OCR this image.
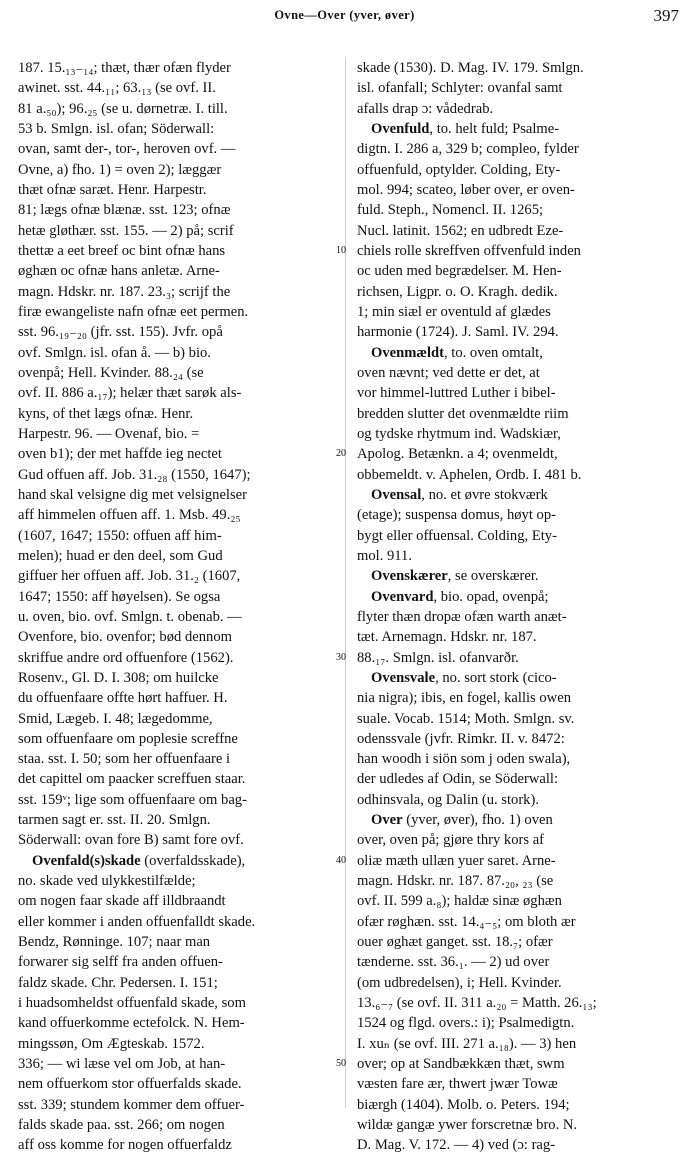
Ovne—Over (yver, øver)	397
187. 15.₁₃₋₁₄; thæt, thær ofæn flyder
awinet. sst. 44.₁₁; 63.₁₃ (se ovf. II.
81 a.₅₀); 96.₂₅ (se u. dørnetræ. I. till.
53 b. Smlgn. isl. ofan; Söderwall:
ovan, samt der-, tor-, heroven ovf. —
Ovne, a) fho. 1) = oven 2); læggær
thæt ofnæ saræt. Henr. Harpestr.
81; lægs ofnæ blænæ. sst. 123; ofnæ
hetæ gløthær. sst. 155. — 2) på; scrif
thettæ a eet breef oc bint ofnæ hans
øghæn oc ofnæ hans anletæ. Arne-
magn. Hdskr. nr. 187. 23.₃; scrijf the
firæ ewangeliste nafn ofnæ eet permen.
sst. 96.₁₉₋₂₀ (jfr. sst. 155). Jvfr. opå
ovf. Smlgn. isl. ofan å. — b) bio.
ovenpå; Hell. Kvinder. 88.₂₄ (se
ovf. II. 886 a.₁₇); helær thæt sarøk als-
kyns, of thet lægs ofnæ. Henr.
Harpestr. 96. — Ovenaf, bio. =
oven b1); der met haffde ieg nectet
Gud offuen aff. Job. 31.₂₈ (1550, 1647);
hand skal velsigne dig met velsignelser
aff himmelen offuen aff. 1. Msb. 49.₂₅
(1607, 1647; 1550: offuen aff him-
melen); huad er den deel, som Gud
giffuer her offuen aff. Job. 31.₂ (1607,
1647; 1550: aff høyelsen). Se ogsa
u. oven, bio. ovf. Smlgn. t. obenab. —
Ovenfore, bio. ovenfor; bød dennom
skriffue andre ord offuenfore (1562).
Rosenv., Gl. D. I. 308; om huilcke
du offuenfaare offte hørt haffuer. H.
Smid, Lægeb. I. 48; lægedomme,
som offuenfaare om poplesie screffne
staa. sst. I. 50; som her offuenfaare i
det capittel om paacker screffuen staar.
sst. 159ᵛ; lige som offuenfaare om bag-
tarmen sagt er. sst. II. 20. Smlgn.
Söderwall: ovan fore B) samt fore ovf.
Ovenfald(s)skade (overfaldsskade),
no. skade ved ulykkestilfælde;
om nogen faar skade aff illdbraandt
eller kommer i anden offuenfalldt skade.
Bendz, Rønninge. 107; naar man
forwarer sig selff fra anden offuen-
faldz skade. Chr. Pedersen. I. 151;
i huadsomheldst offuenfald skade, som
kand offuerkomme ectefolck. N. Hem-
mingssøn, Om Ægteskab. 1572.
336; — wi læse vel om Job, at han-
nem offuerkom stor offuerfalds skade.
sst. 339; stundem kommer dem offuer-
falds skade paa. sst. 266; om nogen
aff oss komme for nogen offuerfaldz
10
20
30
40
50
skade (1530). D. Mag. IV. 179. Smlgn.
isl. ofanfall; Schlyter: ovanfal samt
afalls drap ɔ: vådedrab.
Ovenfuld, to. helt fuld; Psalme-
digtn. I. 286 a, 329 b; compleo, fylder
offuenfuld, optylder. Colding, Ety-
mol. 994; scateo, løber over, er oven-
fuld. Steph., Nomencl. II. 1265;
Nucl. latinit. 1562; en udbredt Eze-
chiels rolle skreffven offvenfuld inden
oc uden med begrædelser. M. Hen-
richsen, Ligpr. o. O. Kragh. dedik.
1; min siæl er oventuld af glædes
harmonie (1724). J. Saml. IV. 294.
Ovenmældt, to. oven omtalt,
oven nævnt; ved dette er det, at
vor himmel-luttred Luther i bibel-
bredden slutter det ovenmældte riim
og tydske rhytmum ind. Wadskiær,
Apolog. Betænkn. a 4; ovenmeldt,
obbemeldt. v. Aphelen, Ordb. I. 481 b.
Ovensal, no. et øvre stokværk
(etage); suspensa domus, høyt op-
bygt eller offuensal. Colding, Ety-
mol. 911.
Ovenskærer, se overskærer.
Ovenvard, bio. opad, ovenpå;
flyter thæn dropæ ofæn warth anæt-
tæt. Arnemagn. Hdskr. nr. 187.
88.₁₇. Smlgn. isl. ofanvarðr.
Ovensvale, no. sort stork (cico-
nia nigra); ibis, en fogel, kallis owen
suale. Vocab. 1514; Moth. Smlgn. sv.
odenssvale (jvfr. Rimkr. II. v. 8472:
han woodh i siön som j oden swala),
der udledes af Odin, se Söderwall:
odhinsvala, og Dalin (u. stork).
Over (yver, øver), fho. 1) oven
over, oven på; gjøre thry kors af
oliæ mæth ullæn yuer saret. Arne-
magn. Hdskr. nr. 187. 87.₂₀, ₂₃ (se
ovf. II. 599 a.₈); haldæ sinæ øghæn
ofær røghæn. sst. 14.₄₋₅; om bloth ær
ouer øghæt ganget. sst. 18.₇; ofær
tænderne. sst. 36.₁. — 2) ud over
(om udbredelsen), i; Hell. Kvinder.
13.₆₋₇ (se ovf. II. 311 a.₂₀ = Matth. 26.₁₃;
1524 og flgd. overs.: i); Psalmedigtn.
I. xuₙ (se ovf. III. 271 a.₁₈). — 3) hen
over; op at Sandbækkæn thæt, swm
væsten fare ær, thwert jwær Towæ
biærgh (1404). Molb. o. Peters. 194;
wildæ gangæ ywer forscretnæ bro. N.
D. Mag. V. 172. — 4) ved (ɔ: rag-
